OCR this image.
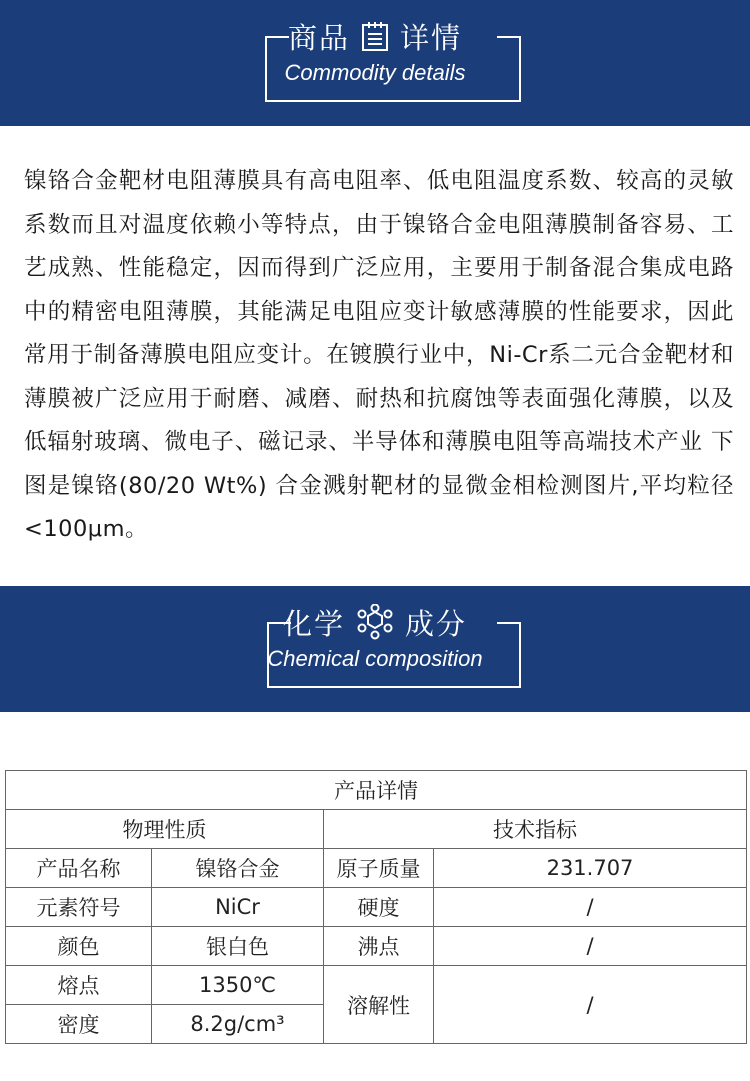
商品 详情
Commodity details
镍铬合金靶材电阻薄膜具有高电阻率、低电阻温度系数、较高的灵敏系数而且对温度依赖小等特点，由于镍铬合金电阻薄膜制备容易、工艺成熟、性能稳定，因而得到广泛应用，主要用于制备混合集成电路中的精密电阻薄膜，其能满足电阻应变计敏感薄膜的性能要求，因此常用于制备薄膜电阻应变计。在镀膜行业中，Ni-Cr系二元合金靶材和薄膜被广泛应用于耐磨、减磨、耐热和抗腐蚀等表面强化薄膜，以及低辐射玻璃、微电子、磁记录、半导体和薄膜电阻等高端技术产业 下图是镍铬(80/20 Wt%) 合金溅射靶材的显微金相检测图片,平均粒径<100μm。
化学 成分
Chemical composition
产品详情			
物理性质		技术指标	
产品名称	镍铬合金	原子质量	231.707
元素符号	NiCr	硬度	/
颜色	银白色	沸点	/
熔点	1350℃	溶解性	/
密度	8.2g/cm³		
